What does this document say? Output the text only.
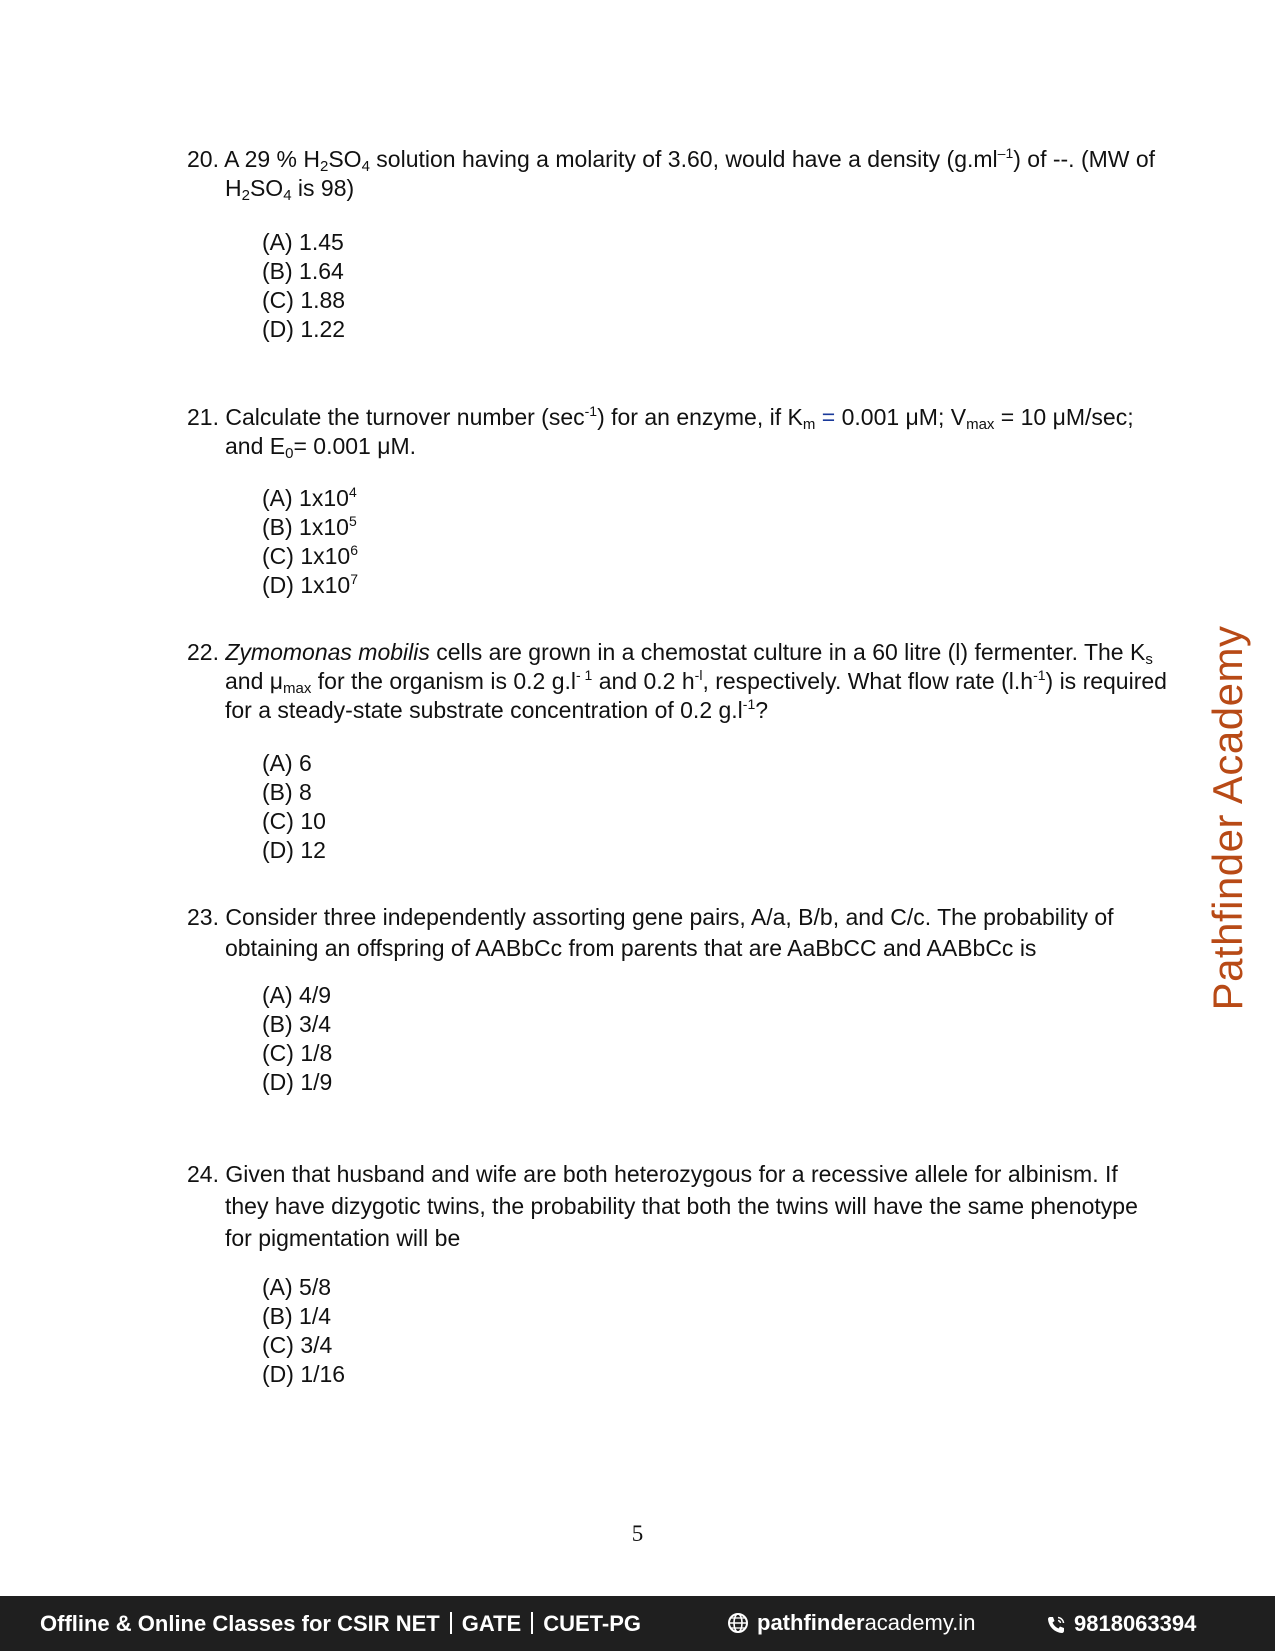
20. A 29 % $H_2SO_4$ solution having a molarity of 3.60, would have a density $(g.ml^{-1})$ of --. (MW of $H_2SO_4$ is 98)

(A) 1.45
(B) 1.64
(C) 1.88
(D) 1.22

21. Calculate the turnover number $(\sec^{-1})$ for an enzyme, if $K_m = 0.001$ μM; $V_{max} = 10$ μM/sec; and $E_0= 0.001$ μM.

(A) $1x10^4$
(B) $1x10^5$
(C) $1x10^6$
(D) $1x10^7$

22. Zymomonas mobilis cells are grown in a chemostat culture in a 60 litre (l) fermenter. The $K_s$ and $\mu_{max}$ for the organism is 0.2 $g.l^{- 1}$ and 0.2 $h^{-l}$, respectively. What flow rate $(l.h^{-1})$ is required for a steady-state substrate concentration of 0.2 $g.l^{-1}$?

(A) 6
(B) 8
(C) 10
(D) 12

23. Consider three independently assorting gene pairs, A/a, B/b, and C/c. The probability of obtaining an offspring of AABbCc from parents that are AaBbCC and AABbCc is

(A) 4/9
(B) 3/4
(C) 1/8
(D) 1/9

24. Given that husband and wife are both heterozygous for a recessive allele for albinism. If they have dizygotic twins, the probability that both the twins will have the same phenotype for pigmentation will be

(A) 5/8
(B) 1/4
(C) 3/4
(D) 1/16
Pathfinder Academy
5
Offline & Online Classes for CSIR NET GATE CUET-PG	pathfinderacademy.in	9818063394
